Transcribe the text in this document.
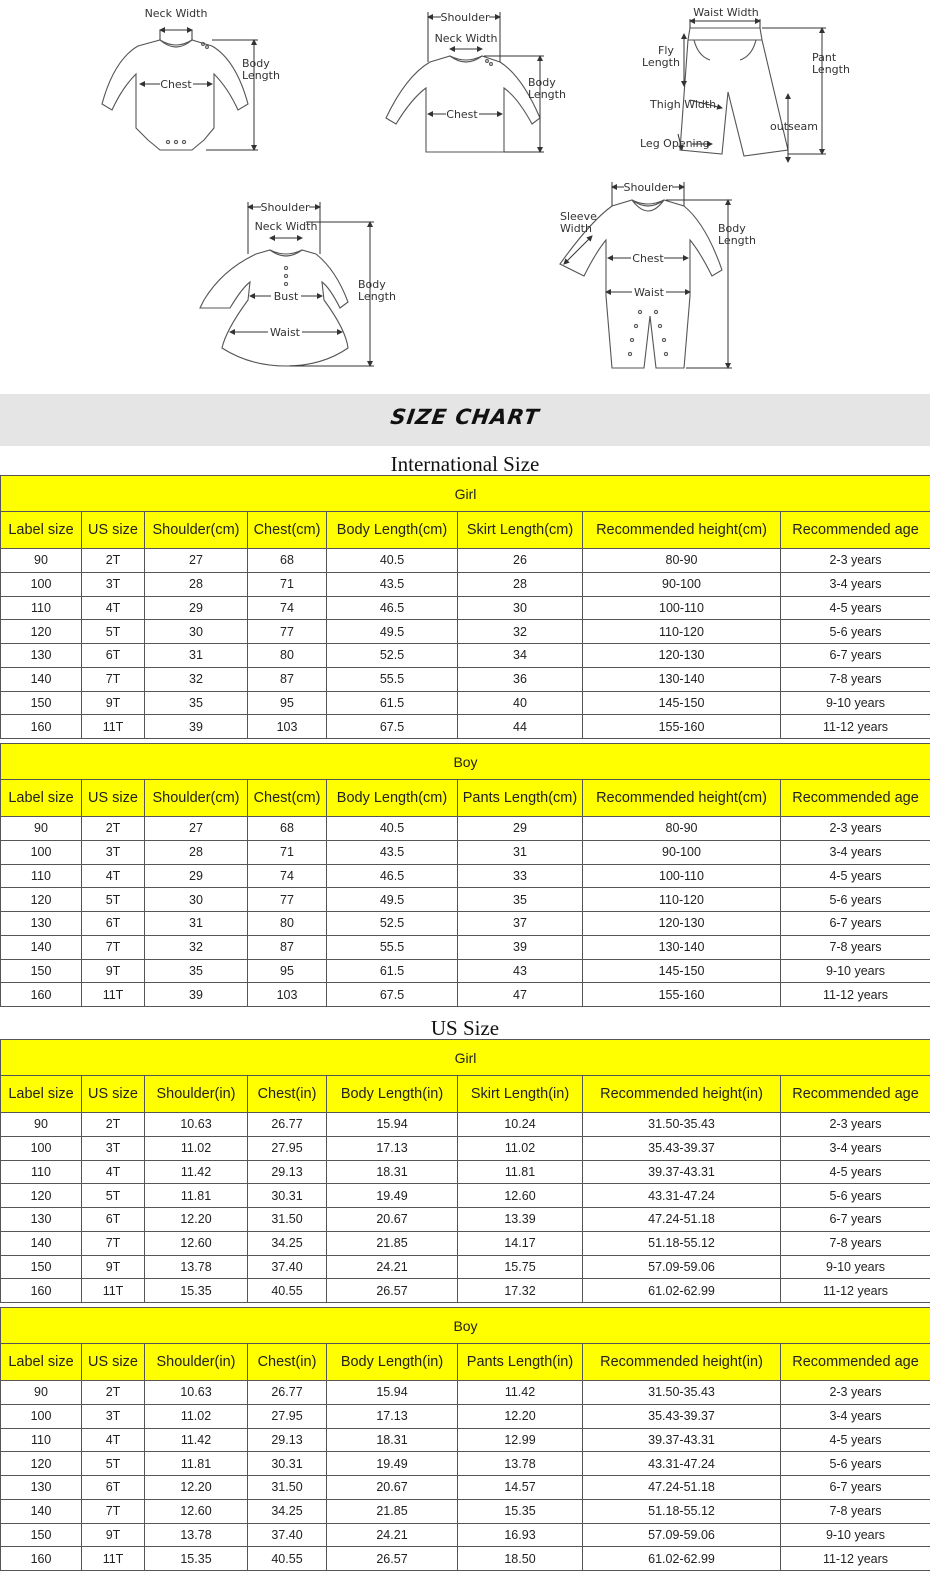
Neck Width
Chest
Body
Length
Shoulder
Neck Width
Chest
Body
Length
Waist Width
Fly
Length	Pant
Length
Thigh Width
outseam
Leg Opening
Shoulder
Neck Width
Bust
Waist
Body
Length
Shoulder
Sleeve
Width
Chest
Waist
Body
Length
SIZE CHART
International Size
Girl							
Label size	US size	Shoulder(cm)	Chest(cm)	Body Length(cm)	Skirt Length(cm)	Recommended height(cm)	Recommended age
90	2T	27	68	40.5	26	80-90	2-3 years
100	3T	28	71	43.5	28	90-100	3-4 years
110	4T	29	74	46.5	30	100-110	4-5 years
120	5T	30	77	49.5	32	110-120	5-6 years
130	6T	31	80	52.5	34	120-130	6-7 years
140	7T	32	87	55.5	36	130-140	7-8 years
150	9T	35	95	61.5	40	145-150	9-10 years
160	11T	39	103	67.5	44	155-160	11-12 years
Boy							
Label size	US size	Shoulder(cm)	Chest(cm)	Body Length(cm)	Pants Length(cm)	Recommended height(cm)	Recommended age
90	2T	27	68	40.5	29	80-90	2-3 years
100	3T	28	71	43.5	31	90-100	3-4 years
110	4T	29	74	46.5	33	100-110	4-5 years
120	5T	30	77	49.5	35	110-120	5-6 years
130	6T	31	80	52.5	37	120-130	6-7 years
140	7T	32	87	55.5	39	130-140	7-8 years
150	9T	35	95	61.5	43	145-150	9-10 years
160	11T	39	103	67.5	47	155-160	11-12 years
US Size
Girl							
Label size	US size	Shoulder(in)	Chest(in)	Body Length(in)	Skirt Length(in)	Recommended height(in)	Recommended age
90	2T	10.63	26.77	15.94	10.24	31.50-35.43	2-3 years
100	3T	11.02	27.95	17.13	11.02	35.43-39.37	3-4 years
110	4T	11.42	29.13	18.31	11.81	39.37-43.31	4-5 years
120	5T	11.81	30.31	19.49	12.60	43.31-47.24	5-6 years
130	6T	12.20	31.50	20.67	13.39	47.24-51.18	6-7 years
140	7T	12.60	34.25	21.85	14.17	51.18-55.12	7-8 years
150	9T	13.78	37.40	24.21	15.75	57.09-59.06	9-10 years
160	11T	15.35	40.55	26.57	17.32	61.02-62.99	11-12 years
Boy							
Label size	US size	Shoulder(in)	Chest(in)	Body Length(in)	Pants Length(in)	Recommended height(in)	Recommended age
90	2T	10.63	26.77	15.94	11.42	31.50-35.43	2-3 years
100	3T	11.02	27.95	17.13	12.20	35.43-39.37	3-4 years
110	4T	11.42	29.13	18.31	12.99	39.37-43.31	4-5 years
120	5T	11.81	30.31	19.49	13.78	43.31-47.24	5-6 years
130	6T	12.20	31.50	20.67	14.57	47.24-51.18	6-7 years
140	7T	12.60	34.25	21.85	15.35	51.18-55.12	7-8 years
150	9T	13.78	37.40	24.21	16.93	57.09-59.06	9-10 years
160	11T	15.35	40.55	26.57	18.50	61.02-62.99	11-12 years
